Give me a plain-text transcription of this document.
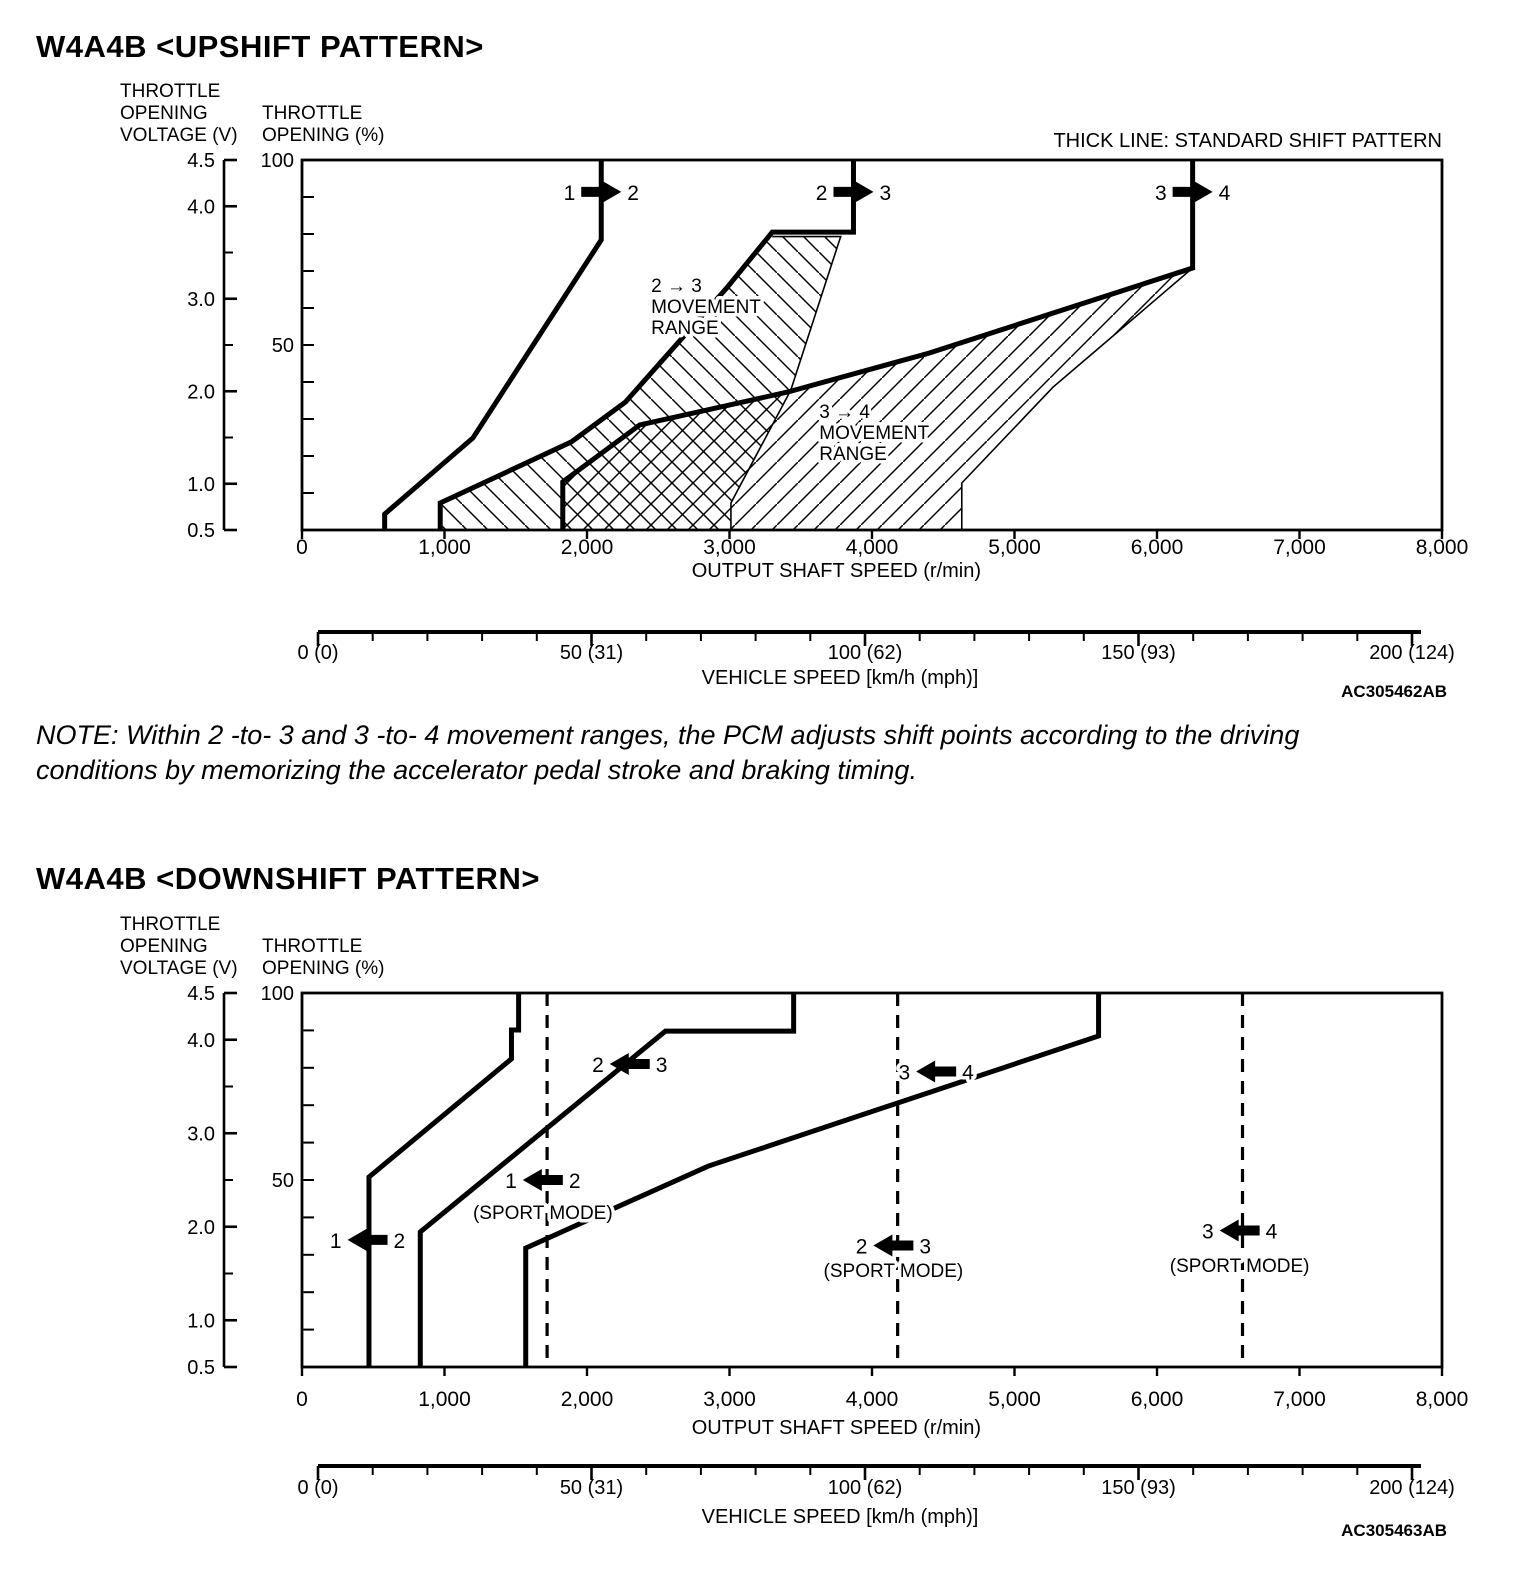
W4A4B <UPSHIFT PATTERN>
NOTE: Within 2 -to- 3 and 3 -to- 4 movement ranges, the PCM adjusts shift points according to the driving
conditions by memorizing the accelerator pedal stroke and braking timing.
W4A4B <DOWNSHIFT PATTERN>
4.5
4.0
3.0
2.0
1.0
0.5
THROTTLE
OPENING
VOLTAGE (V)
100
50
THROTTLE
OPENING (%)
0	1,000	2,000	3,000	4,000	5,000	6,000	7,000	8,000
OUTPUT SHAFT SPEED (r/min)
0 (0)	50 (31)	100 (62)	150 (93)	200 (124)
VEHICLE SPEED [km/h (mph)]
AC305462AB
THICK LINE: STANDARD SHIFT PATTERN
1 2	2 3	3 4
2 → 3
MOVEMENT
RANGE
3 → 4
MOVEMENT
RANGE
4.5
4.0
3.0
2.0
1.0
0.5
THROTTLE
OPENING
VOLTAGE (V)
100
50
THROTTLE
OPENING (%)
0	1,000	2,000	3,000	4,000	5,000	6,000	7,000	8,000
OUTPUT SHAFT SPEED (r/min)
0 (0)	50 (31)	100 (62)	150 (93)	200 (124)
VEHICLE SPEED [km/h (mph)]
AC305463AB
1 2
2 3	3 4
1 2
(SPORT MODE)
2 3
(SPORT MODE)
3 4
(SPORT MODE)
